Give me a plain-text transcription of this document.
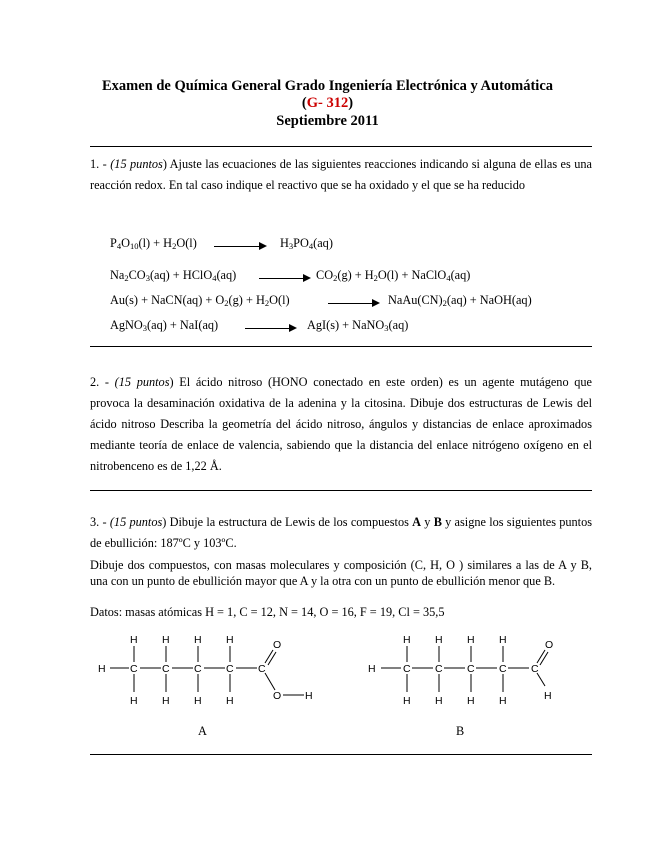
Examen de Química General Grado Ingeniería Electrónica y Automática
(G- 312)
Septiembre 2011
1. - (15 puntos) Ajuste las ecuaciones de las siguientes reacciones indicando si alguna de ellas es una reacción redox. En tal caso indique el reactivo que se ha oxidado y el que se ha reducido
$P_4O_{10}(l) + H_2O(l) \to H_3PO_4(aq)$
$Na_2CO_3(aq)$ + HClO$_4$(aq) → $CO_2(g) + H_2O(l)$ + NaClO$_4$(aq)
Au(s) + NaCN(aq) + $O_2(g) + H_2O(l)$ → $NaAu(CN)_2(aq)$ + NaOH(aq)
AgNO$_3$(aq) + NaI(aq) → AgI(s) + NaNO$_3$(aq)
2. - (15 puntos) El ácido nitroso (HONO conectado en este orden) es un agente mutágeno que provoca la desaminación oxidativa de la adenina y la citosina. Dibuje dos estructuras de Lewis del ácido nitroso Describa la geometría del ácido nitroso, ángulos y distancias de enlace aproximados mediante teoría de enlace de valencia, sabiendo que la distancia del enlace nitrógeno oxígeno en el nitrobenceno es de 1,22 Å.
3. - (15 puntos) Dibuje la estructura de Lewis de los compuestos A y B y asigne los siguientes puntos de ebullición: 187ºC y 103ºC.
Dibuje dos compuestos, con masas moleculares y composición (C, H, O ) similares a las de A y B, una con un punto de ebullición mayor que A y la otra con un punto de ebullición menor que B.
Datos: masas atómicas H = 1, C = 12, N = 14, O = 16, F = 19, Cl = 35,5
H
H H H H
C C C C C
O
O H
H H H H
A
H
H H H H
C C C C C
O
H
H H H H
B
